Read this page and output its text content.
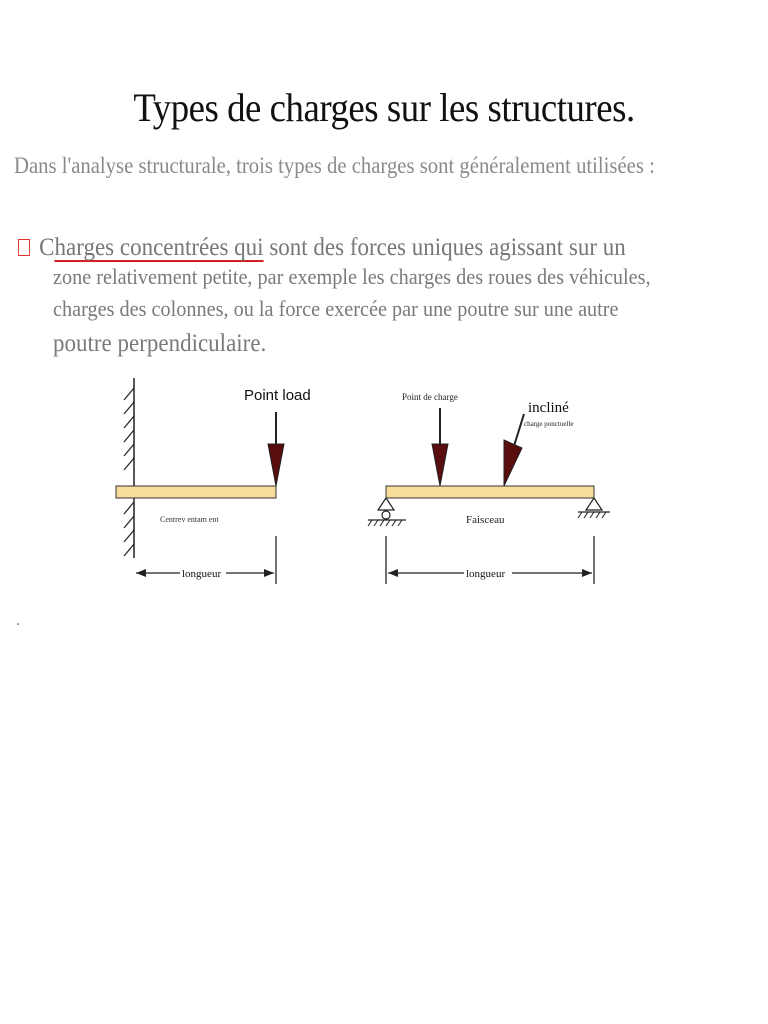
Types de charges sur les structures.
Dans l'analyse structurale, trois types de charges sont généralement utilisées :
Charges concentrées qui sont des forces uniques agissant sur un
zone relativement petite, par exemple les charges des roues des véhicules,
charges des colonnes, ou la force exercée par une poutre sur une autre
poutre perpendiculaire.
Point load
Centrev entam ent
longueur
Point de charge
incliné
charge ponctuelle
Faisceau
longueur
.
